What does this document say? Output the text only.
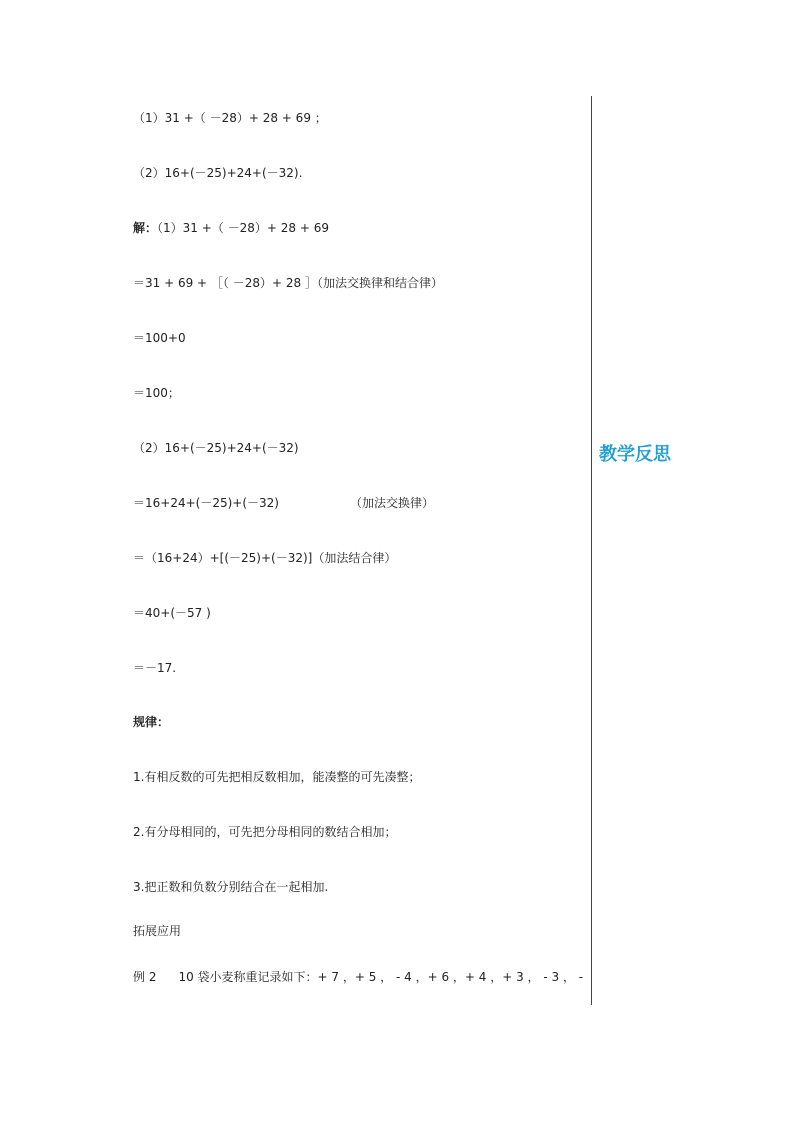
（1）31 +（ －28）+ 28 + 69 ；
（2）16+(－25)+24+(－32).
解：（1）31 +（ －28）+ 28 + 69
＝31 + 69 + ［（ －28）+ 28 ］（加法交换律和结合律）
＝100+0
＝100；
（2）16+(－25)+24+(－32)
＝16+24+(－25)+(－32)	（加法交换律）
＝（16+24）+[(－25)+(－32)]（加法结合律）
＝40+(－57 )
＝－17.
规律：
1.有相反数的可先把相反数相加，能凑整的可先凑整；
2.有分母相同的，可先把分母相同的数结合相加；
3.把正数和负数分别结合在一起相加.
拓展应用
例 2 10 袋小麦称重记录如下：+ 7 ，+ 5 ， - 4 ，+ 6 ，+ 4 ，+ 3 ， - 3 ， -
教学反思
